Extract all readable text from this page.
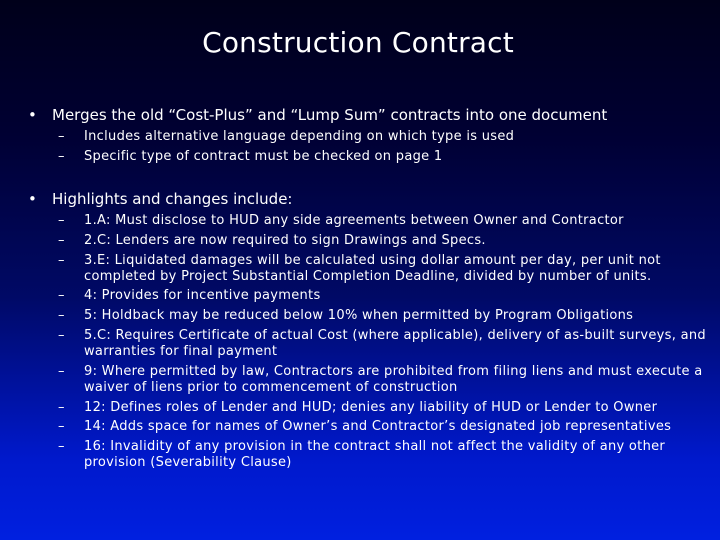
Construction Contract
• Merges the old “Cost-Plus” and “Lump Sum” contracts into one document
– Includes alternative language depending on which type is used
– Specific type of contract must be checked on page 1
• Highlights and changes include:
– 1.A: Must disclose to HUD any side agreements between Owner and Contractor
– 2.C: Lenders are now required to sign Drawings and Specs.
– 3.E: Liquidated damages will be calculated using dollar amount per day, per unit not completed by Project Substantial Completion Deadline, divided by number of units.
– 4: Provides for incentive payments
– 5: Holdback may be reduced below 10% when permitted by Program Obligations
– 5.C: Requires Certificate of actual Cost (where applicable), delivery of as-built surveys, and warranties for final payment
– 9: Where permitted by law, Contractors are prohibited from filing liens and must execute a waiver of liens prior to commencement of construction
– 12: Defines roles of Lender and HUD; denies any liability of HUD or Lender to Owner
– 14: Adds space for names of Owner’s and Contractor’s designated job representatives
– 16: Invalidity of any provision in the contract shall not affect the validity of any other provision (Severability Clause)
